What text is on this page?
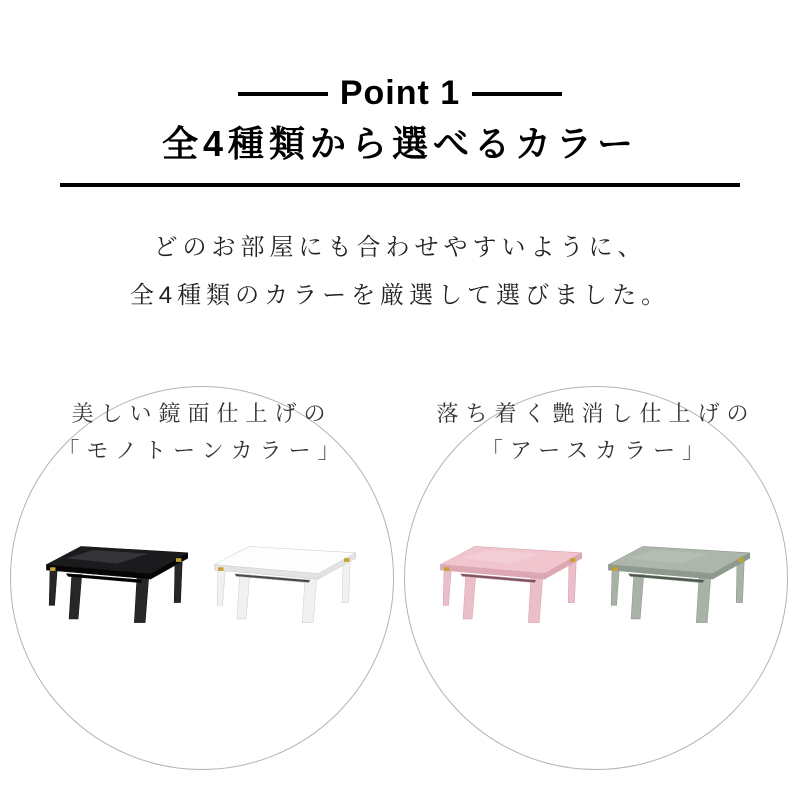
Point 1
全4種類から選べるカラー

どのお部屋にも合わせやすいように、
全4種類のカラーを厳選して選びました。

美しい鏡面仕上げの
「モノトーンカラー」
落ち着く艶消し仕上げの
「アースカラー」
